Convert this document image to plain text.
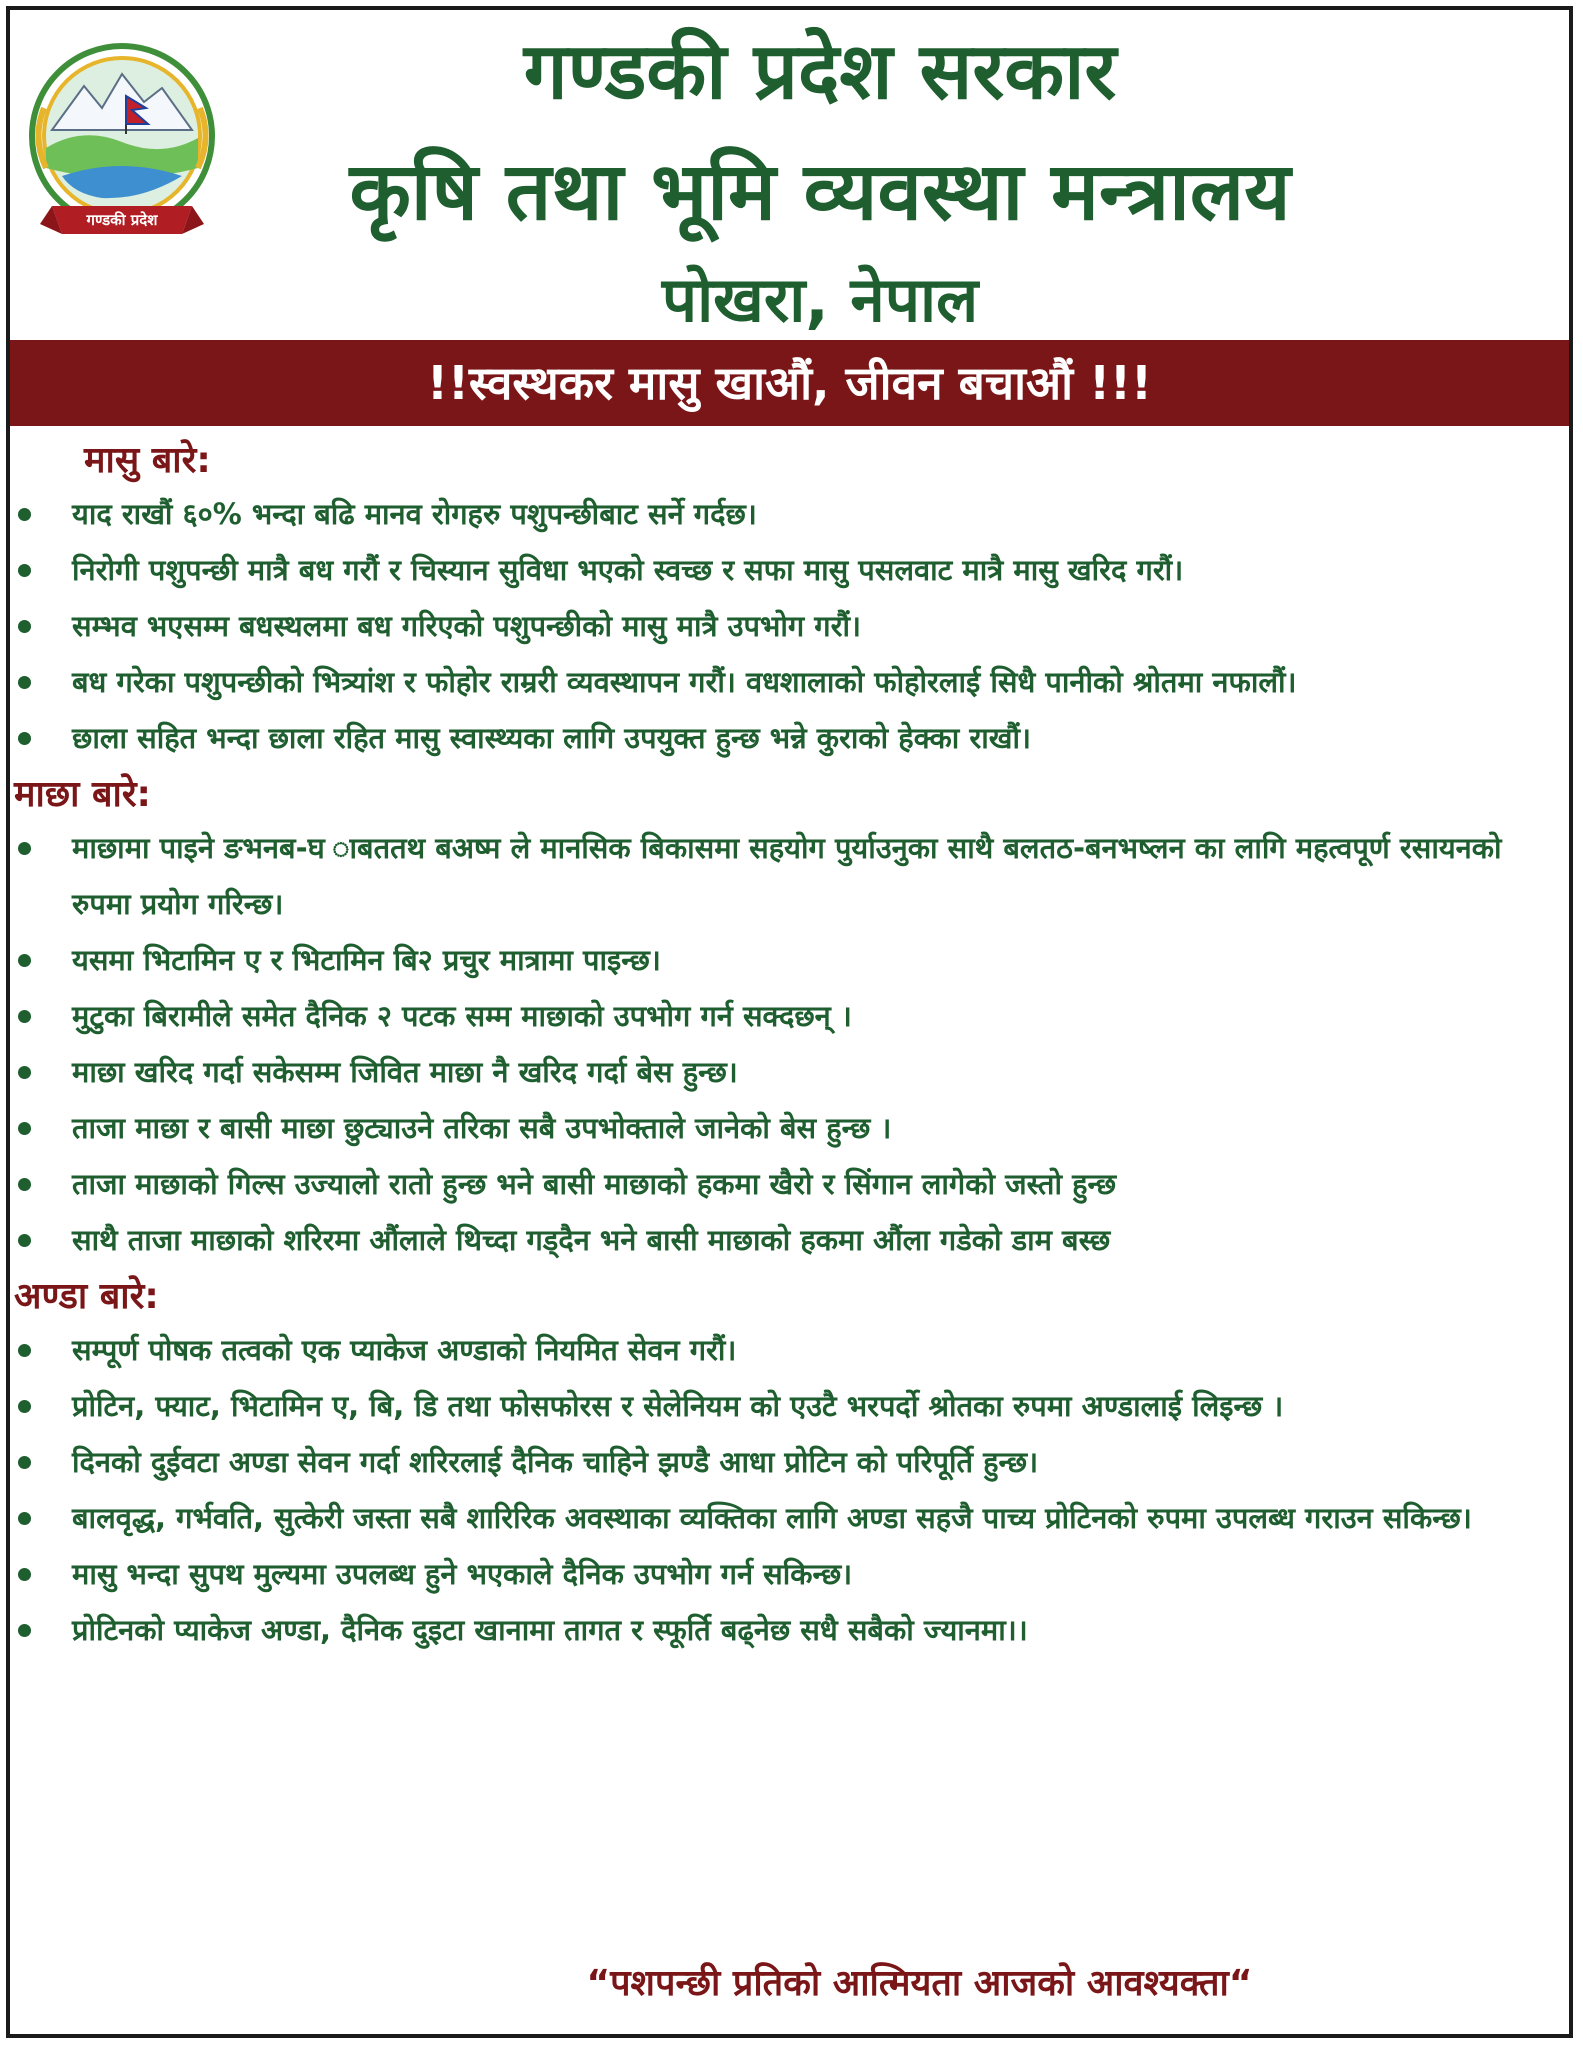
गण्डकी प्रदेश
गण्डकी प्रदेश सरकार
कृषि तथा भूमि व्यवस्था मन्त्रालय
पोखरा, नेपाल
!!स्वस्थकर मासु खाऔं, जीवन बचाऔं !!!
मासु बारे:
याद राखौं ६०% भन्दा बढि मानव रोगहरु पशुपन्छीबाट सर्ने गर्दछ।
निरोगी पशुपन्छी मात्रै बध गरौं र चिस्यान सुविधा भएको स्वच्छ र सफा मासु पसलवाट मात्रै मासु खरिद गरौं।
सम्भव भएसम्म बधस्थलमा बध गरिएको पशुपन्छीको मासु मात्रै उपभोग गरौं।
बध गरेका पशुपन्छीको भित्र्यांश र फोहोर राम्ररी व्यवस्थापन गरौं। वधशालाको फोहोरलाई सिधै पानीको श्रोतमा नफालौं।
छाला सहित भन्दा छाला रहित मासु स्वास्थ्यका लागि उपयुक्त हुन्छ भन्ने कुराको हेक्का राखौं।
माछा बारे:
माछामा पाइने ङभनब-घ ाबततथ बअष्म ले मानसिक बिकासमा सहयोग पुर्याउनुका साथै बलतठ-बनभष्लन का लागि महत्वपूर्ण रसायनको रुपमा प्रयोग गरिन्छ।
यसमा भिटामिन ए र भिटामिन बि२ प्रचुर मात्रामा पाइन्छ।
मुटुका बिरामीले समेत दैनिक २ पटक सम्म माछाको उपभोग गर्न सक्दछन् ।
माछा खरिद गर्दा सकेसम्म जिवित माछा नै खरिद गर्दा बेस हुन्छ।
ताजा माछा र बासी माछा छुट्याउने तरिका सबै उपभोक्ताले जानेको बेस हुन्छ ।
ताजा माछाको गिल्स उज्यालो रातो हुन्छ भने बासी माछाको हकमा खैरो र सिंगान लागेको जस्तो हुन्छ
साथै ताजा माछाको शरिरमा औंलाले थिच्दा गड्दैन भने बासी माछाको हकमा औंला गडेको डाम बस्छ
अण्डा बारे:
सम्पूर्ण पोषक तत्वको एक प्याकेज अण्डाको नियमित सेवन गरौं।
प्रोटिन, फ्याट, भिटामिन ए, बि, डि तथा फोसफोरस र सेलेनियम को एउटै भरपर्दो श्रोतका रुपमा अण्डालाई लिइन्छ ।
दिनको दुईवटा अण्डा सेवन गर्दा शरिरलाई दैनिक चाहिने झण्डै आधा प्रोटिन को परिपूर्ति हुन्छ।
बालवृद्ध, गर्भवति, सुत्केरी जस्ता सबै शारिरिक अवस्थाका व्यक्तिका लागि अण्डा सहजै पाच्य प्रोटिनको रुपमा उपलब्ध गराउन सकिन्छ।
मासु भन्दा सुपथ मुल्यमा उपलब्ध हुने भएकाले दैनिक उपभोग गर्न सकिन्छ।
प्रोटिनको प्याकेज अण्डा, दैनिक दुइटा खानामा तागत र स्फूर्ति बढ्नेछ सधै सबैको ज्यानमा।।
“पशपन्छी प्रतिको आत्मियता आजको आवश्यक्ता“
